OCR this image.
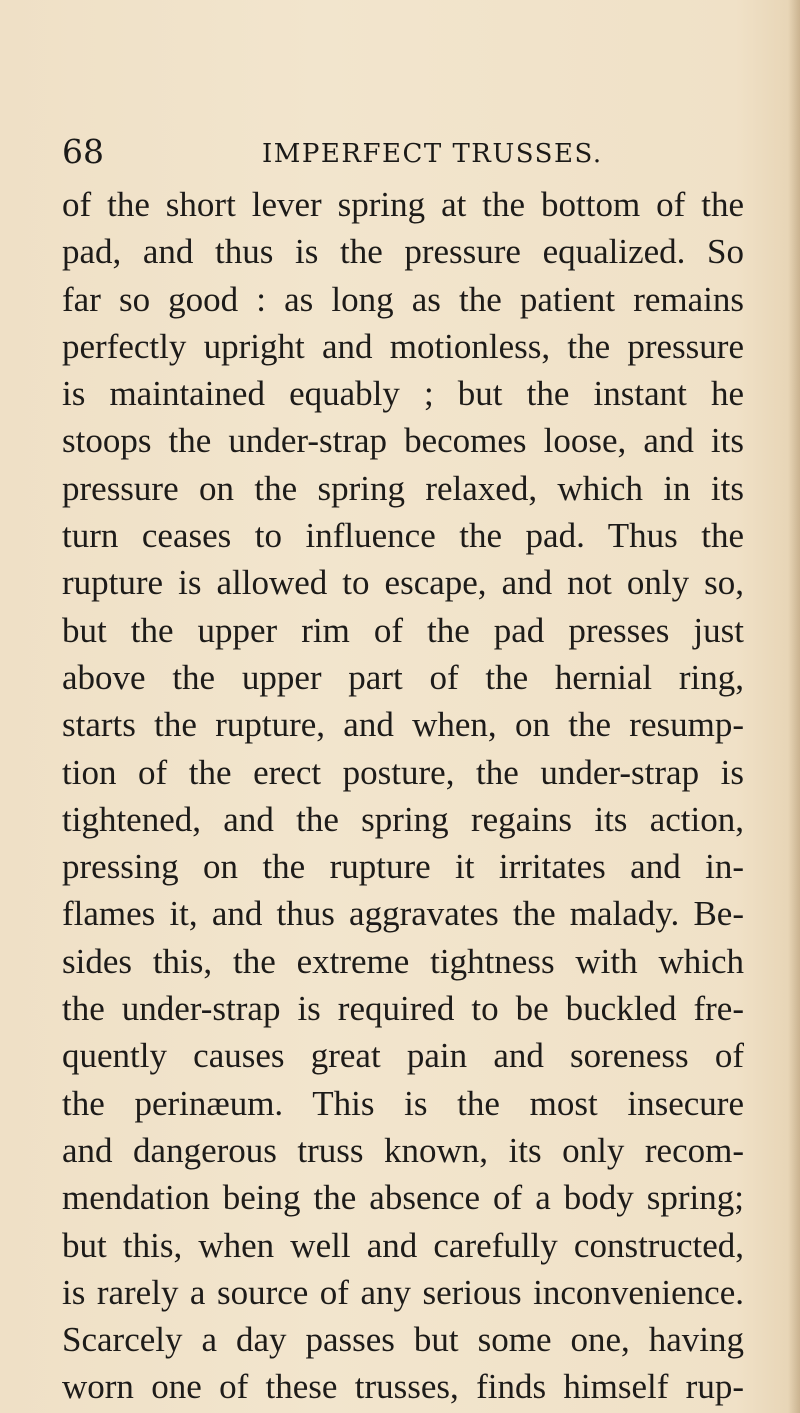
68	IMPERFECT TRUSSES.
of the short lever spring at the bottom of the
pad, and thus is the pressure equalized. So
far so good : as long as the patient remains
perfectly upright and motionless, the pressure
is maintained equably ; but the instant he
stoops the under-strap becomes loose, and its
pressure on the spring relaxed, which in its
turn ceases to influence the pad. Thus the
rupture is allowed to escape, and not only so,
but the upper rim of the pad presses just
above the upper part of the hernial ring,
starts the rupture, and when, on the resump-
tion of the erect posture, the under-strap is
tightened, and the spring regains its action,
pressing on the rupture it irritates and in-
flames it, and thus aggravates the malady. Be-
sides this, the extreme tightness with which
the under-strap is required to be buckled fre-
quently causes great pain and soreness of
the perinæum. This is the most insecure
and dangerous truss known, its only recom-
mendation being the absence of a body spring;
but this, when well and carefully constructed,
is rarely a source of any serious inconvenience.
Scarcely a day passes but some one, having
worn one of these trusses, finds himself rup-
